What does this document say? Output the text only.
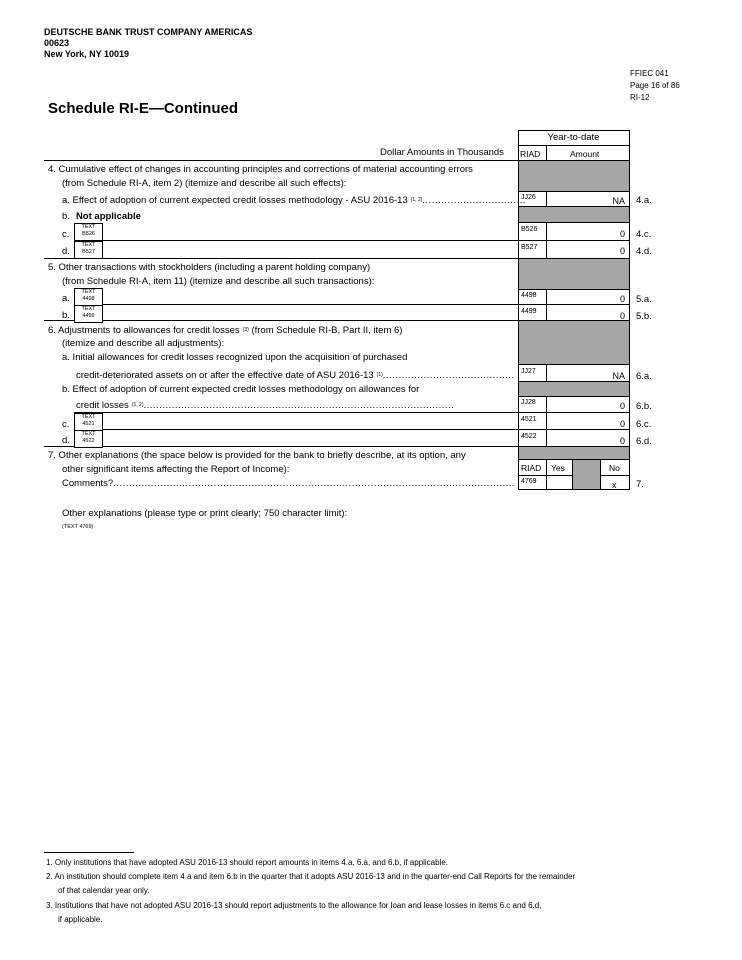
DEUTSCHE BANK TRUST COMPANY AMERICAS
00623
New York, NY 10019
FFIEC 041
Page 16 of 86
RI-12
Schedule RI-E—Continued
Year-to-date
Dollar Amounts in Thousands RIAD	Amount
4. Cumulative effect of changes in accounting principles and corrections of material accounting errors
(from Schedule RI-A, item 2) (itemize and describe all such effects):
a. Effect of adoption of current expected credit losses methodology - ASU 2016-13 $^{(1, 2)}$.................................
JJ26	NA 4.a.
b. Not applicable
c.
TEXT
B526
B526	0 4.c.
d.
TEXT
B527
B527	0 4.d.
5. Other transactions with stockholders (including a parent holding company)
(from Schedule RI-A, item 11) (itemize and describe all such transactions):
a.
TEXT
4498	4498	0 5.a.
b.
TEXT
4499
4499	0 5.b.
6. Adjustments to allowances for credit losses $^{(3)}$ (from Schedule RI-B, Part II, item 6)
(itemize and describe all adjustments):
a. Initial allowances for credit losses recognized upon the acquisition of purchased
credit-deteriorated assets on or after the effective date of ASU 2016-13 $^{(1)}$.......................................... JJ27	NA 6.a.
b. Effect of adoption of current expected credit losses methodology on allowances for
credit losses $^{(1, 2)}$...................................................................................................	JJ28	0 6.b.
c.
TEXT
4521
4521	0 6.c.
d.
TEXT
4522
4522	0 6.d.
7. Other explanations (the space below is provided for the bank to briefly describe, at its option, any
other significant items affecting the Report of Income):	RIAD Yes	No
Comments?................................................................................................................................ 4769	x 7.
Other explanations (please type or print clearly; 750 character limit):
(TEXT 4769)
1. Only institutions that have adopted ASU 2016-13 should report amounts in items 4.a, 6.a, and 6.b, if applicable.
2. An institution should complete item 4.a and item 6.b in the quarter that it adopts ASU 2016-13 and in the quarter-end Call Reports for the remainder
of that calendar year only.
3. Institutions that have not adopted ASU 2016-13 should report adjustments to the allowance for loan and lease losses in items 6.c and 6.d,
if applicable.
